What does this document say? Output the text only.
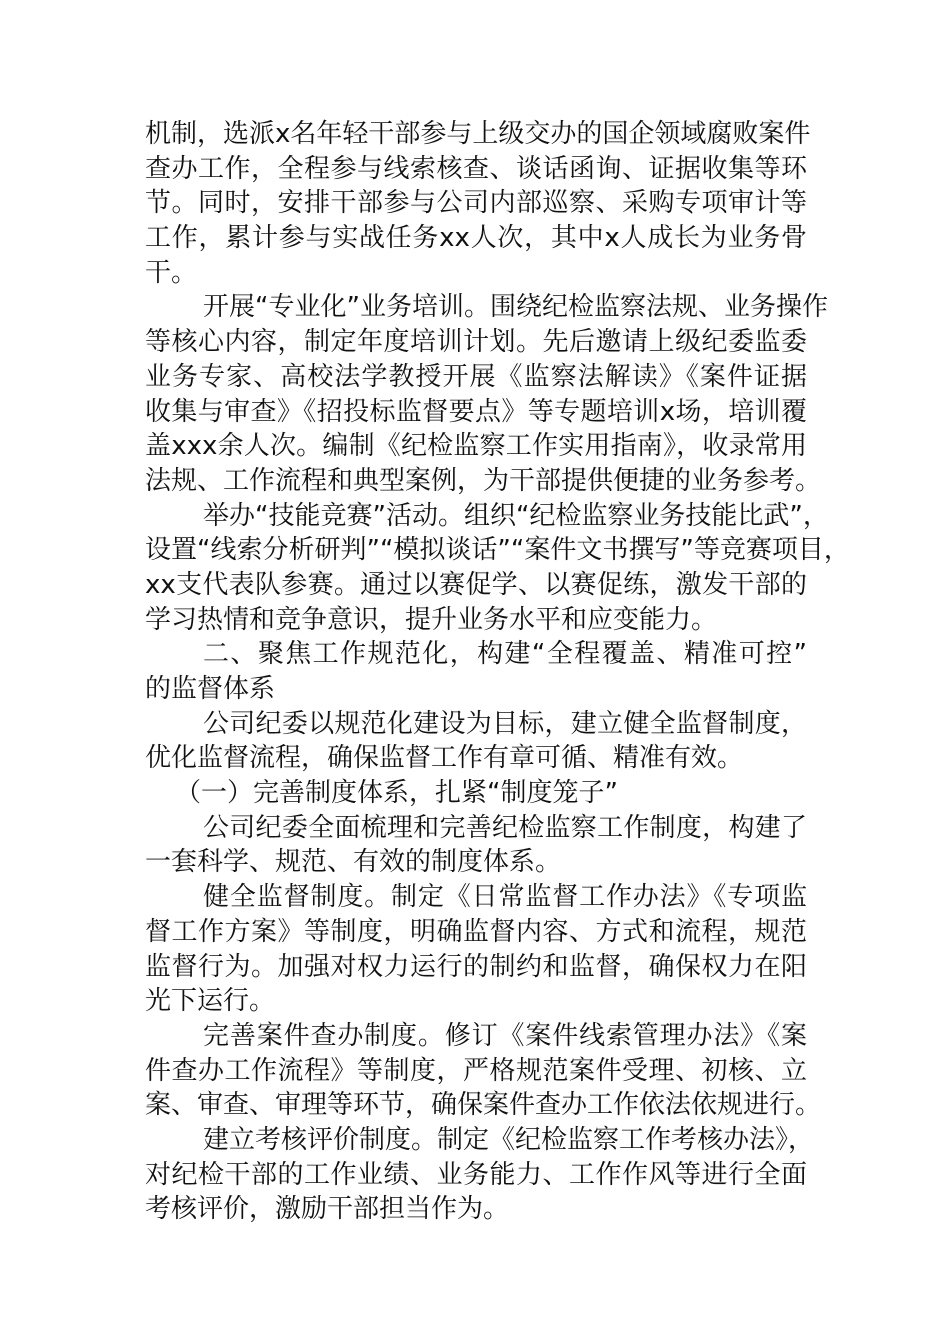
机制，选派x名年轻干部参与上级交办的国企领域腐败案件
查办工作，全程参与线索核查、谈话函询、证据收集等环
节。同时，安排干部参与公司内部巡察、采购专项审计等
工作，累计参与实战任务xx人次，其中x人成长为业务骨
干。
开展“专业化”业务培训。围绕纪检监察法规、业务操作
等核心内容，制定年度培训计划。先后邀请上级纪委监委
业务专家、高校法学教授开展《监察法解读》《案件证据
收集与审查》《招投标监督要点》等专题培训x场，培训覆
盖xxx余人次。编制《纪检监察工作实用指南》，收录常用
法规、工作流程和典型案例，为干部提供便捷的业务参考。
举办“技能竞赛”活动。组织“纪检监察业务技能比武”，
设置“线索分析研判”“模拟谈话”“案件文书撰写”等竞赛项目，
xx支代表队参赛。通过以赛促学、以赛促练，激发干部的
学习热情和竞争意识，提升业务水平和应变能力。
二、聚焦工作规范化，构建“全程覆盖、精准可控”
的监督体系
公司纪委以规范化建设为目标，建立健全监督制度，
优化监督流程，确保监督工作有章可循、精准有效。
（一）完善制度体系，扎紧“制度笼子”
公司纪委全面梳理和完善纪检监察工作制度，构建了
一套科学、规范、有效的制度体系。
健全监督制度。制定《日常监督工作办法》《专项监
督工作方案》等制度，明确监督内容、方式和流程，规范
监督行为。加强对权力运行的制约和监督，确保权力在阳
光下运行。
完善案件查办制度。修订《案件线索管理办法》《案
件查办工作流程》等制度，严格规范案件受理、初核、立
案、审查、审理等环节，确保案件查办工作依法依规进行。
建立考核评价制度。制定《纪检监察工作考核办法》，
对纪检干部的工作业绩、业务能力、工作作风等进行全面
考核评价，激励干部担当作为。
